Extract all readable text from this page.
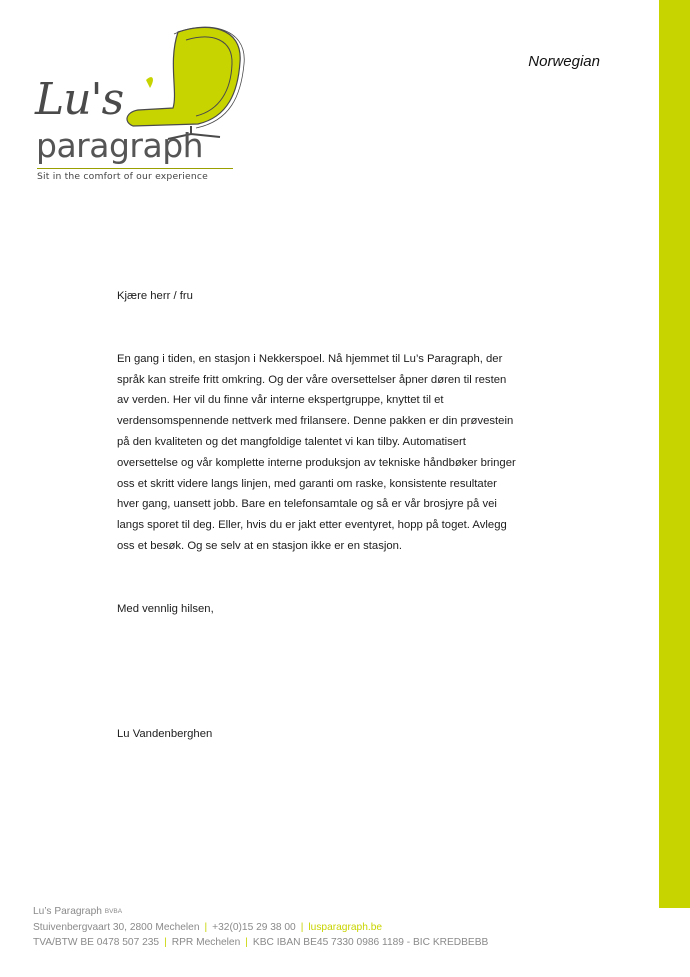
Norwegian
Lu's
paragraph
Sit in the comfort of our experience

Kjære herr / fru

En gang i tiden, en stasjon i Nekkerspoel. Nå hjemmet til Lu’s Paragraph, der språk kan streife fritt omkring. Og der våre oversettelser åpner døren til resten av verden. Her vil du finne vår interne ekspertgruppe, knyttet til et verdensomspennende nettverk med frilansere. Denne pakken er din prøvestein på den kvaliteten og det mangfoldige talentet vi kan tilby. Automatisert oversettelse og vår komplette interne produksjon av tekniske håndbøker bringer oss et skritt videre langs linjen, med garanti om raske, konsistente resultater hver gang, uansett jobb. Bare en telefonsamtale og så er vår brosjyre på vei langs sporet til deg. Eller, hvis du er jakt etter eventyret, hopp på toget. Avlegg oss et besøk. Og se selv at en stasjon ikke er en stasjon.

Med vennlig hilsen,

Lu Vandenberghen

Lu’s Paragraph BVBA
Stuivenbergvaart 30, 2800 Mechelen | +32(0)15 29 38 00 | lusparagraph.be
TVA/BTW BE 0478 507 235 | RPR Mechelen | KBC IBAN BE45 7330 0986 1189 - BIC KREDBEBB
